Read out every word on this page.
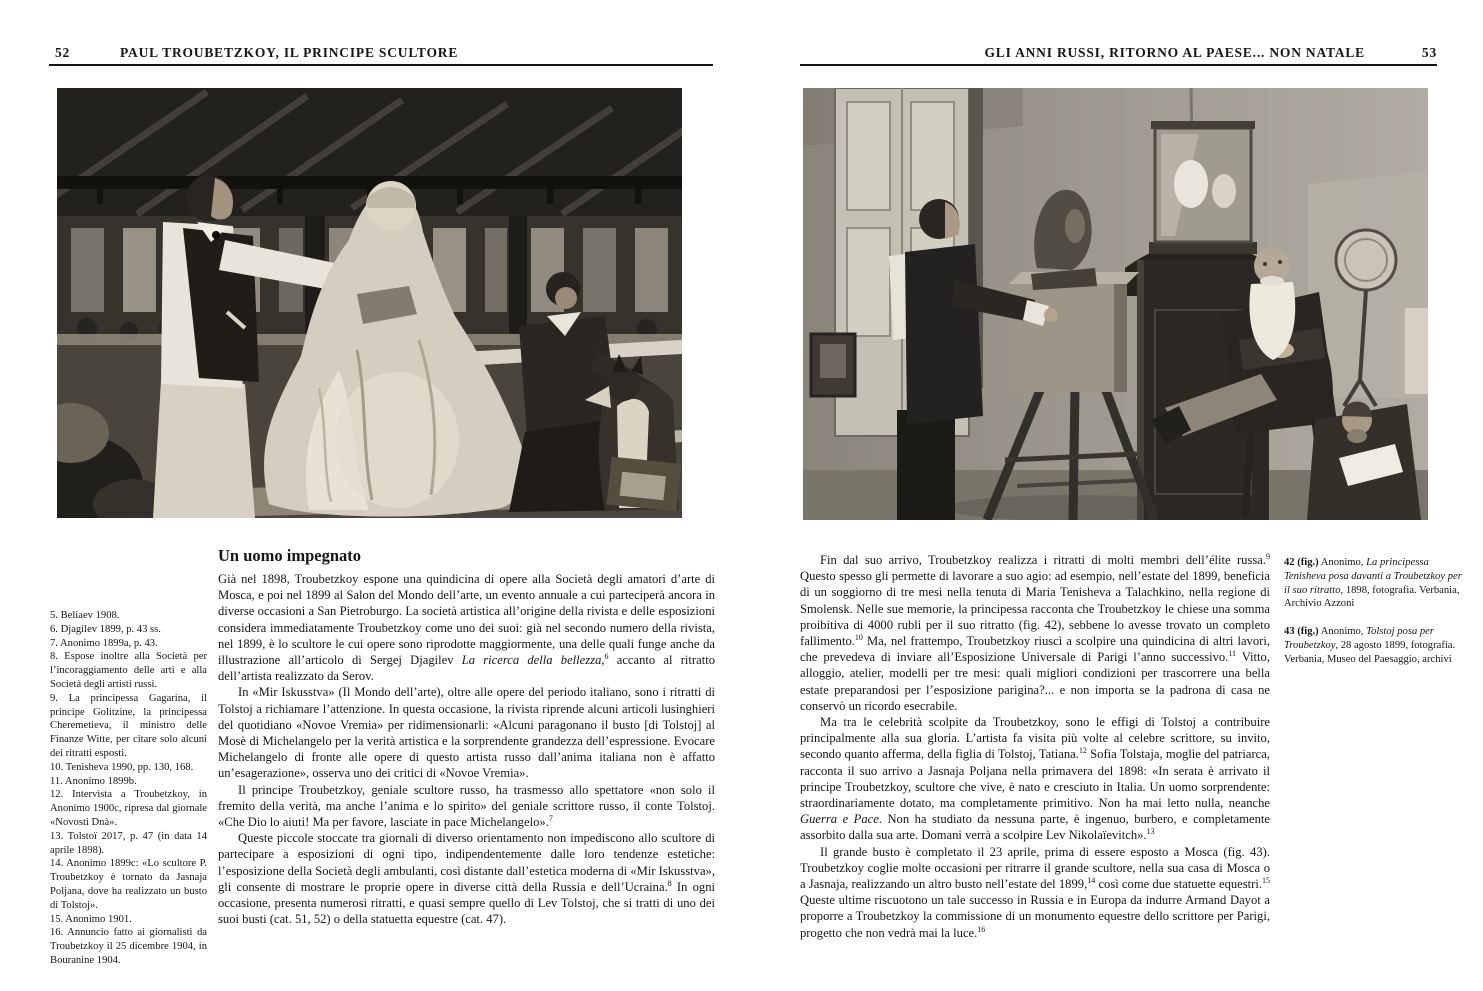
52	PAUL TROUBETZKOY, IL PRINCIPE SCULTORE	GLI ANNI RUSSI, RITORNO AL PAESE... NON NATALE	53

5. Beliaev 1908.

6. Djagilev 1899, p. 43 ss.

7. Anonimo 1899a, p. 43.

8. Espose inoltre alla Società per l’incoraggiamento delle arti e alla Società degli artisti russi.

9. La principessa Gagarina, il principe Golitzine, la principessa Cheremetieva, il ministro delle Finanze Witte, per citare solo alcuni dei ritratti esposti.

10. Tenisheva 1990, pp. 130, 168.

11. Anonimo 1899b.

12. Intervista a Troubetzkoy, in Anonimo 1900c, ripresa dal giornale «Novosti Dnà».

13. Tolstoï 2017, p. 47 (in data 14 aprile 1898).

14. Anonimo 1899c: «Lo scultore P. Troubetzkoy è tornato da Jasnaja Poljana, dove ha realizzato un busto di Tolstoj».

15. Anonimo 1901.

16. Annuncio fatto ai giornalisti da Troubetzkoy il 25 dicembre 1904, in Bouranine 1904.

Un uomo impegnato

Già nel 1898, Troubetzkoy espone una quindicina di opere alla Società degli amatori d’arte di Mosca, e poi nel 1899 al Salon del Mondo dell’arte, un evento annuale a cui parteciperà ancora in diverse occasioni a San Pietroburgo. La società artistica all’origine della rivista e delle esposizioni considera immediatamente Troubetzkoy come uno dei suoi: già nel secondo numero della rivista, nel 1899, è lo scultore le cui opere sono riprodotte maggiormente, una delle quali funge anche da illustrazione all’articolo di Sergej Djagilev La ricerca della bellezza,$^6$ accanto al ritratto dell’artista realizzato da Serov.

In «Mir Iskusstva» (Il Mondo dell’arte), oltre alle opere del periodo italiano, sono i ritratti di Tolstoj a richiamare l’attenzione. In questa occasione, la rivista riprende alcuni articoli lusinghieri del quotidiano «Novoe Vremia» per ridimensionarli: «Alcuni paragonano il busto [di Tolstoj] al Mosè di Michelangelo per la verità artistica e la sorprendente grandezza dell’espressione. Evocare Michelangelo di fronte alle opere di questo artista russo dall’anima italiana non è affatto un’esagerazione», osserva uno dei critici di «Novoe Vremia».

Il principe Troubetzkoy, geniale scultore russo, ha trasmesso allo spettatore «non solo il fremito della verità, ma anche l’anima e lo spirito» del geniale scrittore russo, il conte Tolstoj. «Che Dio lo aiuti! Ma per favore, lasciate in pace Michelangelo».$^7$

Queste piccole stoccate tra giornali di diverso orientamento non impediscono allo scultore di partecipare a esposizioni di ogni tipo, indipendentemente dalle loro tendenze estetiche: l’esposizione della Società degli ambulanti, così distante dall’estetica moderna di «Mir Iskusstva», gli consente di mostrare le proprie opere in diverse città della Russia e dell’Ucraina.$^8$ In ogni occasione, presenta numerosi ritratti, e quasi sempre quello di Lev Tolstoj, che si tratti di uno dei suoi busti (cat. 51, 52) o della statuetta equestre (cat. 47).

Fin dal suo arrivo, Troubetzkoy realizza i ritratti di molti membri dell’élite russa.$^9$ Questo spesso gli permette di lavorare a suo agio: ad esempio, nell’estate del 1899, beneficia di un soggiorno di tre mesi nella tenuta di Maria Tenisheva a Talachkino, nella regione di Smolensk. Nelle sue memorie, la principessa racconta che Troubetzkoy le chiese una somma proibitiva di 4000 rubli per il suo ritratto (fig. 42), sebbene lo avesse trovato un completo fallimento.$^{10}$ Ma, nel frattempo, Troubetzkoy riuscì a scolpire una quindicina di altri lavori, che prevedeva di inviare all’Esposizione Universale di Parigi l’anno successivo.$^{11}$ Vitto, alloggio, atelier, modelli per tre mesi: quali migliori condizioni per trascorrere una bella estate preparandosi per l’esposizione parigina?... e non importa se la padrona di casa ne conservò un ricordo esecrabile.

Ma tra le celebrità scolpite da Troubetzkoy, sono le effigi di Tolstoj a contribuire principalmente alla sua gloria. L’artista fa visita più volte al celebre scrittore, su invito, secondo quanto afferma, della figlia di Tolstoj, Tatiana.$^{12}$ Sofia Tolstaja, moglie del patriarca, racconta il suo arrivo a Jasnaja Poljana nella primavera del 1898: «In serata è arrivato il principe Troubetzkoy, scultore che vive, è nato e cresciuto in Italia. Un uomo sorprendente: straordinariamente dotato, ma completamente primitivo. Non ha mai letto nulla, neanche Guerra e Pace. Non ha studiato da nessuna parte, è ingenuo, burbero, e completamente assorbito dalla sua arte. Domani verrà a scolpire Lev Nikolaïevitch».$^{13}$

Il grande busto è completato il 23 aprile, prima di essere esposto a Mosca (fig. 43). Troubetzkoy coglie molte occasioni per ritrarre il grande scultore, nella sua casa di Mosca o a Jasnaja, realizzando un altro busto nell’estate del 1899,14 così come due statuette equestri.$^{15}$ Queste ultime riscuotono un tale successo in Russia e in Europa da indurre Armand Dayot a proporre a Troubetzkoy la commissione di un monumento equestre dello scrittore per Parigi, progetto che non vedrà mai la luce.$^{16}$

42 (fig.) Anonimo, La principessa Tenisheva posa davanti a Troubetzkoy per il suo ritratto, 1898, fotografia. Verbania, Archivio Azzoni

43 (fig.) Anonimo, Tolstoj posa per Troubetzkoy, 28 agosto 1899, fotografia. Verbania, Museo del Paesaggio, archivi
